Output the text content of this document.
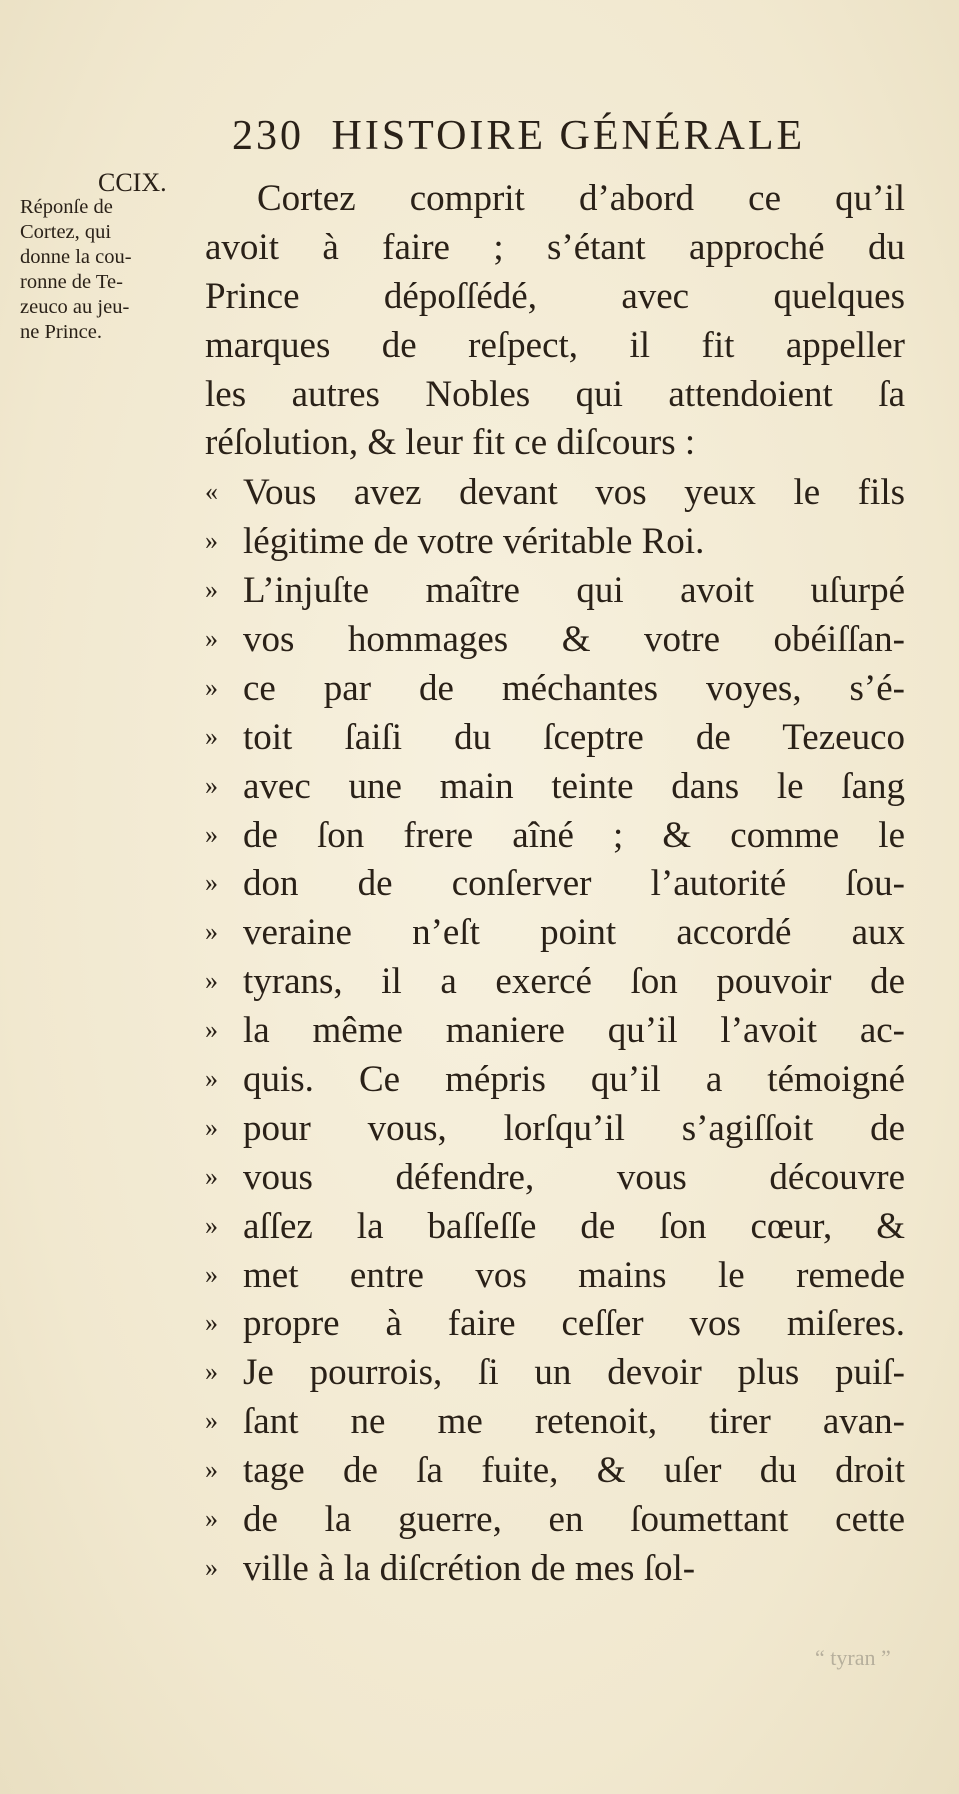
230 HISTOIRE GÉNÉRALE
CCIX.
Réponſe de
Cortez, qui
donne la cou-
ronne de Te-
zeuco au jeu-
ne Prince.
Cortez comprit d’abord ce qu’il
avoit à faire ; s’étant approché du
Prince dépoſſédé, avec quelques
marques de reſpect, il fit appeller
les autres Nobles qui attendoient ſa
réſolution, & leur fit ce diſcours :
« Vous avez devant vos yeux le fils
» légitime de votre véritable Roi.
» L’injuſte maître qui avoit uſurpé
» vos hommages & votre obéiſſan-
» ce par de méchantes voyes, s’é-
» toit ſaiſi du ſceptre de Tezeuco
» avec une main teinte dans le ſang
» de ſon frere aîné ; & comme le
» don de conſerver l’autorité ſou-
» veraine n’eſt point accordé aux
» tyrans, il a exercé ſon pouvoir de
» la même maniere qu’il l’avoit ac-
» quis. Ce mépris qu’il a témoigné
» pour vous, lorſqu’il s’agiſſoit de
» vous défendre, vous découvre
» aſſez la baſſeſſe de ſon cœur, &
» met entre vos mains le remede
» propre à faire ceſſer vos miſeres.
» Je pourrois, ſi un devoir plus puiſ-
» ſant ne me retenoit, tirer avan-
» tage de ſa fuite, & uſer du droit
» de la guerre, en ſoumettant cette
» ville à la diſcrétion de mes ſol-
“ tyran ”
